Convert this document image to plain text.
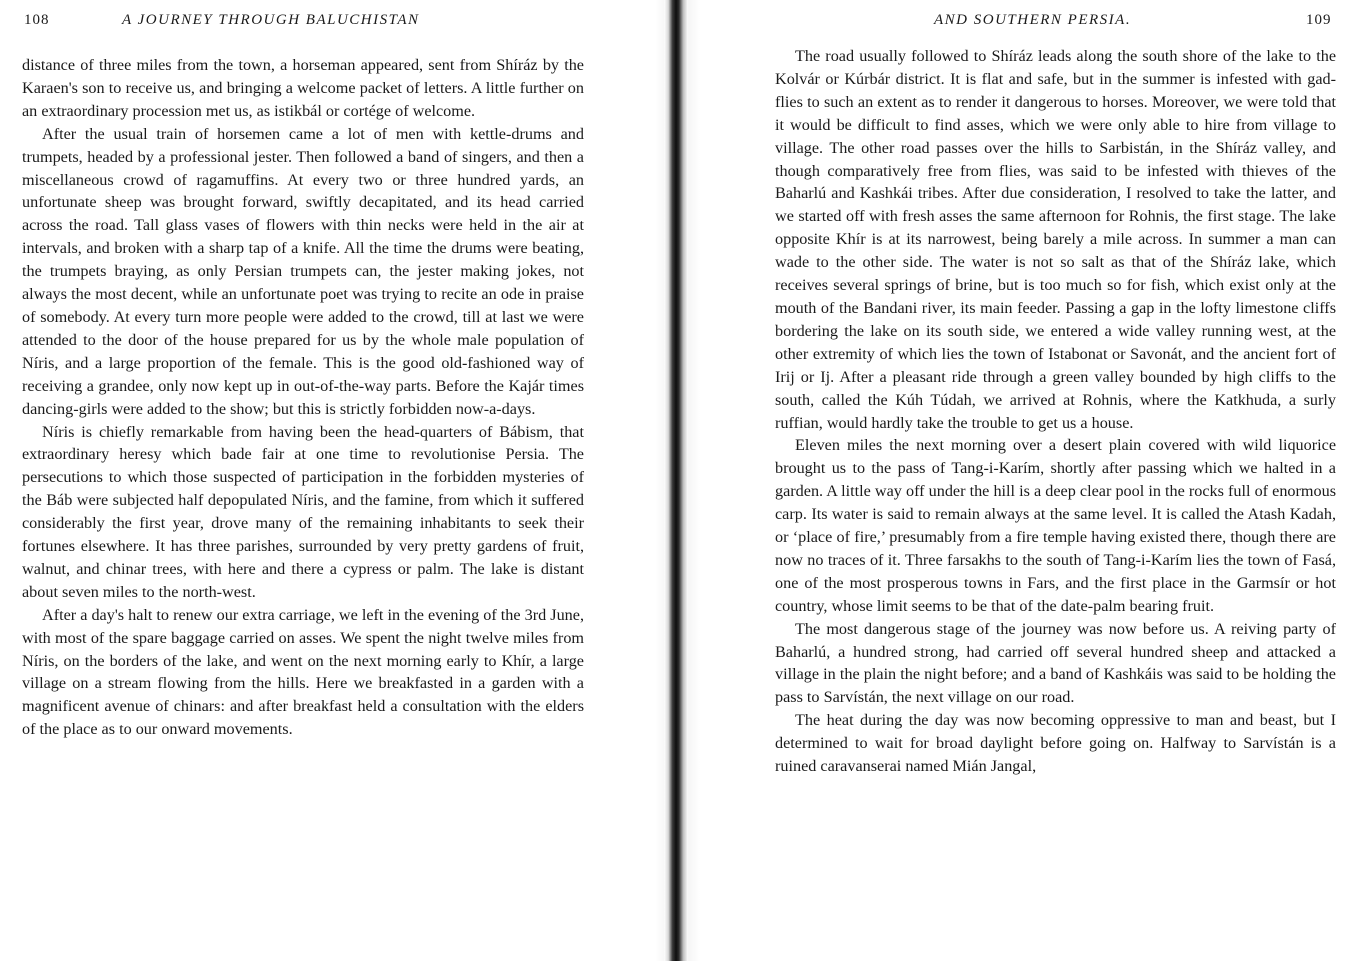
108	A JOURNEY THROUGH BALUCHISTAN

distance of three miles from the town, a horseman appeared, sent from Shíráz by the Karaen's son to receive us, and bringing a welcome packet of letters. A little further on an extraordinary procession met us, as istikbál or cortége of welcome.

After the usual train of horsemen came a lot of men with kettle-drums and trumpets, headed by a professional jester. Then followed a band of singers, and then a miscellaneous crowd of ragamuffins. At every two or three hundred yards, an unfortunate sheep was brought forward, swiftly decapitated, and its head carried across the road. Tall glass vases of flowers with thin necks were held in the air at intervals, and broken with a sharp tap of a knife. All the time the drums were beating, the trumpets braying, as only Persian trumpets can, the jester making jokes, not always the most decent, while an unfortunate poet was trying to recite an ode in praise of somebody. At every turn more people were added to the crowd, till at last we were attended to the door of the house prepared for us by the whole male population of Níris, and a large proportion of the female. This is the good old-fashioned way of receiving a grandee, only now kept up in out-of-the-way parts. Before the Kajár times dancing-girls were added to the show; but this is strictly forbidden now-a-days.

Níris is chiefly remarkable from having been the head-quarters of Bábism, that extraordinary heresy which bade fair at one time to revolutionise Persia. The persecutions to which those suspected of participation in the forbidden mysteries of the Báb were subjected half depopulated Níris, and the famine, from which it suffered considerably the first year, drove many of the remaining inhabitants to seek their fortunes elsewhere. It has three parishes, surrounded by very pretty gardens of fruit, walnut, and chinar trees, with here and there a cypress or palm. The lake is distant about seven miles to the north-west.

After a day's halt to renew our extra carriage, we left in the evening of the 3rd June, with most of the spare baggage carried on asses. We spent the night twelve miles from Níris, on the borders of the lake, and went on the next morning early to Khír, a large village on a stream flowing from the hills. Here we breakfasted in a garden with a magnificent avenue of chinars: and after breakfast held a consultation with the elders of the place as to our onward movements.

AND SOUTHERN PERSIA.	109

The road usually followed to Shíráz leads along the south shore of the lake to the Kolvár or Kúrbár district. It is flat and safe, but in the summer is infested with gad-flies to such an extent as to render it dangerous to horses. Moreover, we were told that it would be difficult to find asses, which we were only able to hire from village to village. The other road passes over the hills to Sarbistán, in the Shíráz valley, and though comparatively free from flies, was said to be infested with thieves of the Baharlú and Kashkái tribes. After due consideration, I resolved to take the latter, and we started off with fresh asses the same afternoon for Rohnis, the first stage. The lake opposite Khír is at its narrowest, being barely a mile across. In summer a man can wade to the other side. The water is not so salt as that of the Shíráz lake, which receives several springs of brine, but is too much so for fish, which exist only at the mouth of the Bandani river, its main feeder. Passing a gap in the lofty limestone cliffs bordering the lake on its south side, we entered a wide valley running west, at the other extremity of which lies the town of Istabonat or Savonát, and the ancient fort of Irij or Ij. After a pleasant ride through a green valley bounded by high cliffs to the south, called the Kúh Túdah, we arrived at Rohnis, where the Katkhuda, a surly ruffian, would hardly take the trouble to get us a house.

Eleven miles the next morning over a desert plain covered with wild liquorice brought us to the pass of Tang-i-Karím, shortly after passing which we halted in a garden. A little way off under the hill is a deep clear pool in the rocks full of enormous carp. Its water is said to remain always at the same level. It is called the Atash Kadah, or ‘place of fire,’ presumably from a fire temple having existed there, though there are now no traces of it. Three farsakhs to the south of Tang-i-Karím lies the town of Fasá, one of the most prosperous towns in Fars, and the first place in the Garmsír or hot country, whose limit seems to be that of the date-palm bearing fruit.

The most dangerous stage of the journey was now before us. A reiving party of Baharlú, a hundred strong, had carried off several hundred sheep and attacked a village in the plain the night before; and a band of Kashkáis was said to be holding the pass to Sarvístán, the next village on our road.

The heat during the day was now becoming oppressive to man and beast, but I determined to wait for broad daylight before going on. Halfway to Sarvístán is a ruined caravanserai named Mián Jangal,
